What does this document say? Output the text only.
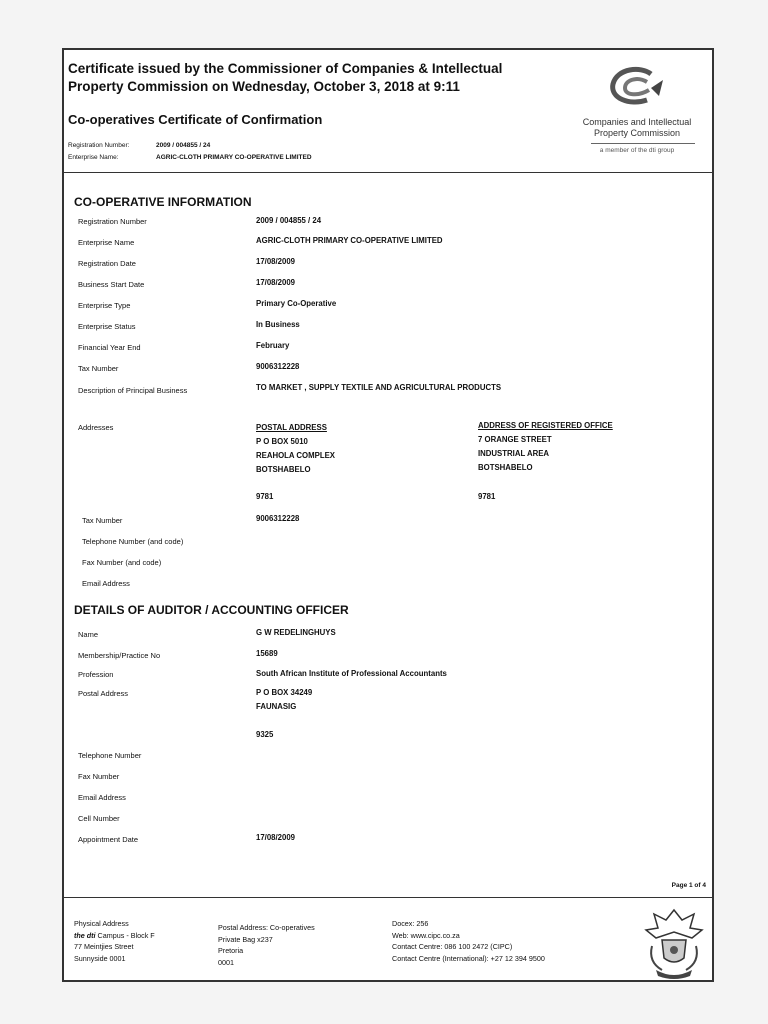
Certificate issued by the Commissioner of Companies & Intellectual
Property Commission on Wednesday, October 3, 2018 at 9:11
Co-operatives Certificate of Confirmation
Registration Number:	2009 / 004855 / 24
Enterprise Name:	AGRIC-CLOTH PRIMARY CO-OPERATIVE LIMITED
Companies and Intellectual
Property Commission
a member of the dti group
CO-OPERATIVE INFORMATION
Registration Number	2009 / 004855 / 24
Enterprise Name	AGRIC-CLOTH PRIMARY CO-OPERATIVE LIMITED
Registration Date	17/08/2009
Business Start Date	17/08/2009
Enterprise Type	Primary Co-Operative
Enterprise Status	In Business
Financial Year End	February
Tax Number	9006312228
Description of Principal Business	TO MARKET , SUPPLY TEXTILE AND AGRICULTURAL PRODUCTS
Addresses	POSTAL ADDRESS
P O BOX 5010
REAHOLA COMPLEX
BOTSHABELO
9781
ADDRESS OF REGISTERED OFFICE
7 ORANGE STREET
INDUSTRIAL AREA
BOTSHABELO
9781
Tax Number	9006312228
Telephone Number (and code)
Fax Number (and code)
Email Address
DETAILS OF AUDITOR / ACCOUNTING OFFICER
Name	G W REDELINGHUYS
Membership/Practice No	15689
Profession	South African Institute of Professional Accountants
Postal Address	P O BOX 34249
FAUNASIG
9325
Telephone Number
Fax Number
Email Address
Cell Number
Appointment Date	17/08/2009
Page 1 of 4
Physical Address
the dti Campus - Block F
77 Meintjies Street
Sunnyside 0001
Postal Address: Co-operatives
Private Bag x237
Pretoria
0001
Docex: 256
Web: www.cipc.co.za
Contact Centre: 086 100 2472 (CIPC)
Contact Centre (International): +27 12 394 9500
